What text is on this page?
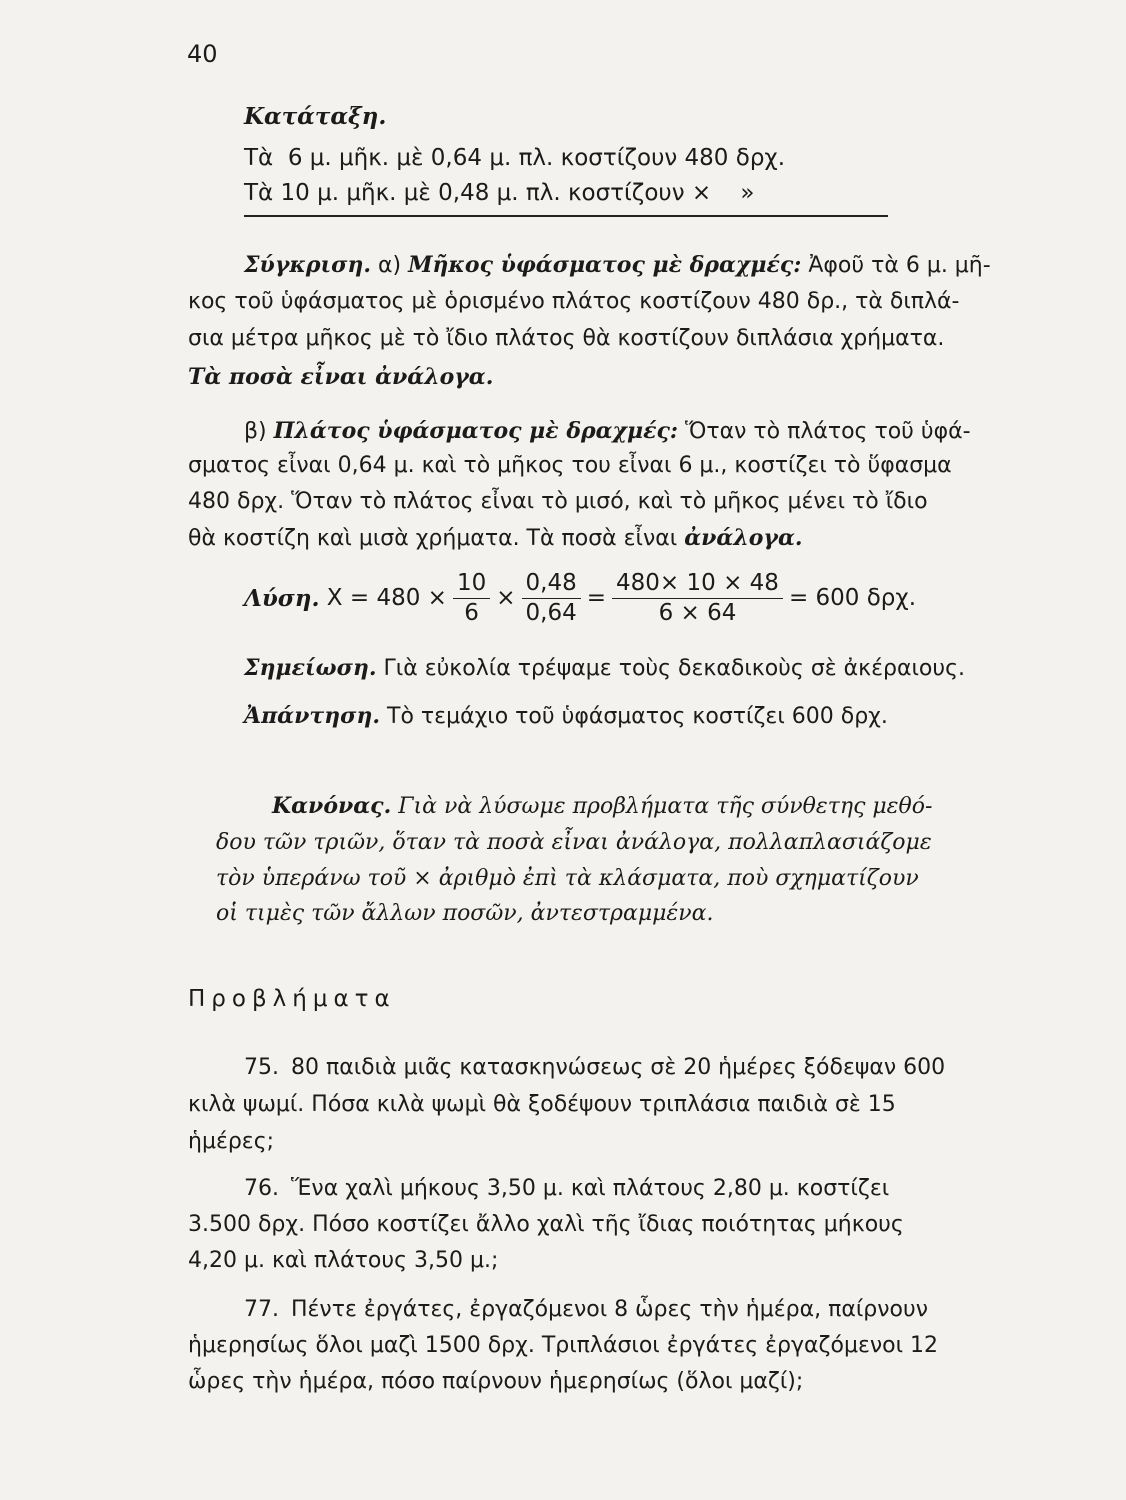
40
Κατάταξη.
Τὰ  6 μ. μῆκ. μὲ 0,64 μ. πλ. κοστίζουν 480 δρχ.
Τὰ 10 μ. μῆκ. μὲ 0,48 μ. πλ. κοστίζουν ×    »
Σύγκριση. α) Μῆκος ὑφάσματος μὲ δραχμές: Ἀφοῦ τὰ 6 μ. μῆ-
κος τοῦ ὑφάσματος μὲ ὁρισμένο πλάτος κοστίζουν 480 δρ., τὰ διπλά-
σια μέτρα μῆκος μὲ τὸ ἴδιο πλάτος θὰ κοστίζουν διπλάσια χρήματα.
Τὰ ποσὰ εἶναι ἀνάλογα.
β) Πλάτος ὑφάσματος μὲ δραχμές: Ὅταν τὸ πλάτος τοῦ ὑφά-
σματος εἶναι 0,64 μ. καὶ τὸ μῆκος του εἶναι 6 μ., κοστίζει τὸ ὕφασμα
480 δρχ. Ὅταν τὸ πλάτος εἶναι τὸ μισό, καὶ τὸ μῆκος μένει τὸ ἴδιο
θὰ κοστίζη καὶ μισὰ χρήματα. Τὰ ποσὰ εἶναι ἀνάλογα.
Λύση. $X = 480 \times \frac{10}{6} \times \frac{0,48}{0,64} = \frac{480\times 10 \times 48}{6 \times 64} = 600$ δρχ.
Σημείωση. Γιὰ εὐκολία τρέψαμε τοὺς δεκαδικοὺς σὲ ἀκέραιους.
Ἀπάντηση. Τὸ τεμάχιο τοῦ ὑφάσματος κοστίζει 600 δρχ.
Κανόνας. Γιὰ νὰ λύσωμε προβλήματα τῆς σύνθετης μεθό-
δου τῶν τριῶν, ὅταν τὰ ποσὰ εἶναι ἀνάλογα, πολλαπλασιάζομε
τὸν ὑπεράνω τοῦ × ἀριθμὸ ἐπὶ τὰ κλάσματα, ποὺ σχηματίζουν
οἱ τιμὲς τῶν ἄλλων ποσῶν, ἀντεστραμμένα.
Προβλήματα
75. 80 παιδιὰ μιᾶς κατασκηνώσεως σὲ 20 ἡμέρες ξόδεψαν 600
κιλὰ ψωμί. Πόσα κιλὰ ψωμὶ θὰ ξοδέψουν τριπλάσια παιδιὰ σὲ 15
ἡμέρες;
76. Ἕνα χαλὶ μήκους 3,50 μ. καὶ πλάτους 2,80 μ. κοστίζει
3.500 δρχ. Πόσο κοστίζει ἄλλο χαλὶ τῆς ἴδιας ποιότητας μήκους
4,20 μ. καὶ πλάτους 3,50 μ.;
77. Πέντε ἐργάτες, ἐργαζόμενοι 8 ὧρες τὴν ἡμέρα, παίρνουν
ἡμερησίως ὅλοι μαζὶ 1500 δρχ. Τριπλάσιοι ἐργάτες ἐργαζόμενοι 12
ὧρες τὴν ἡμέρα, πόσο παίρνουν ἡμερησίως (ὅλοι μαζί);
